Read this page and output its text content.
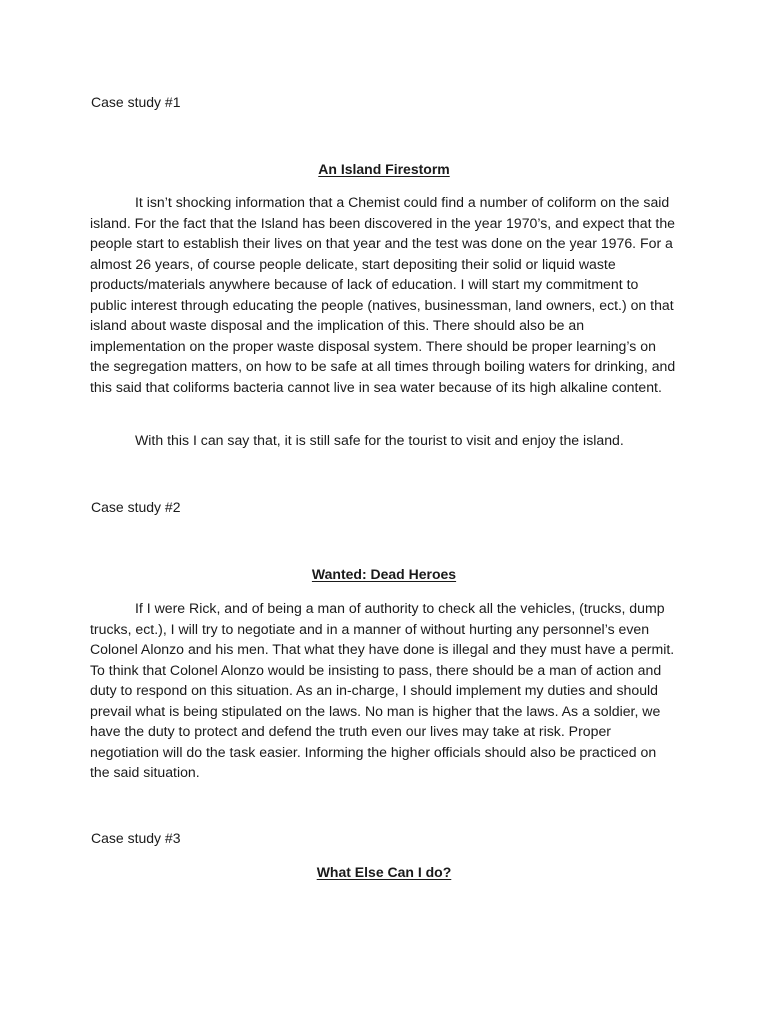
Case study #1

An Island Firestorm

It isn’t shocking information that a Chemist could find a number of coliform on the said island. For the fact that the Island has been discovered in the year 1970’s, and expect that the people start to establish their lives on that year and the test was done on the year 1976. For a almost 26 years, of course people delicate, start depositing their solid or liquid waste products/materials anywhere because of lack of education. I will start my commitment to public interest through educating the people (natives, businessman, land owners, ect.) on that island about waste disposal and the implication of this. There should also be an implementation on the proper waste disposal system. There should be proper learning’s on the segregation matters, on how to be safe at all times through boiling waters for drinking, and this said that coliforms bacteria cannot live in sea water because of its high alkaline content.

With this I can say that, it is still safe for the tourist to visit and enjoy the island.

Case study #2

Wanted: Dead Heroes

If I were Rick, and of being a man of authority to check all the vehicles, (trucks, dump trucks, ect.), I will try to negotiate and in a manner of without hurting any personnel’s even Colonel Alonzo and his men. That what they have done is illegal and they must have a permit. To think that Colonel Alonzo would be insisting to pass, there should be a man of action and duty to respond on this situation. As an in-charge, I should implement my duties and should prevail what is being stipulated on the laws. No man is higher that the laws. As a soldier, we have the duty to protect and defend the truth even our lives may take at risk. Proper negotiation will do the task easier. Informing the higher officials should also be practiced on the said situation.

Case study #3

What Else Can I do?
